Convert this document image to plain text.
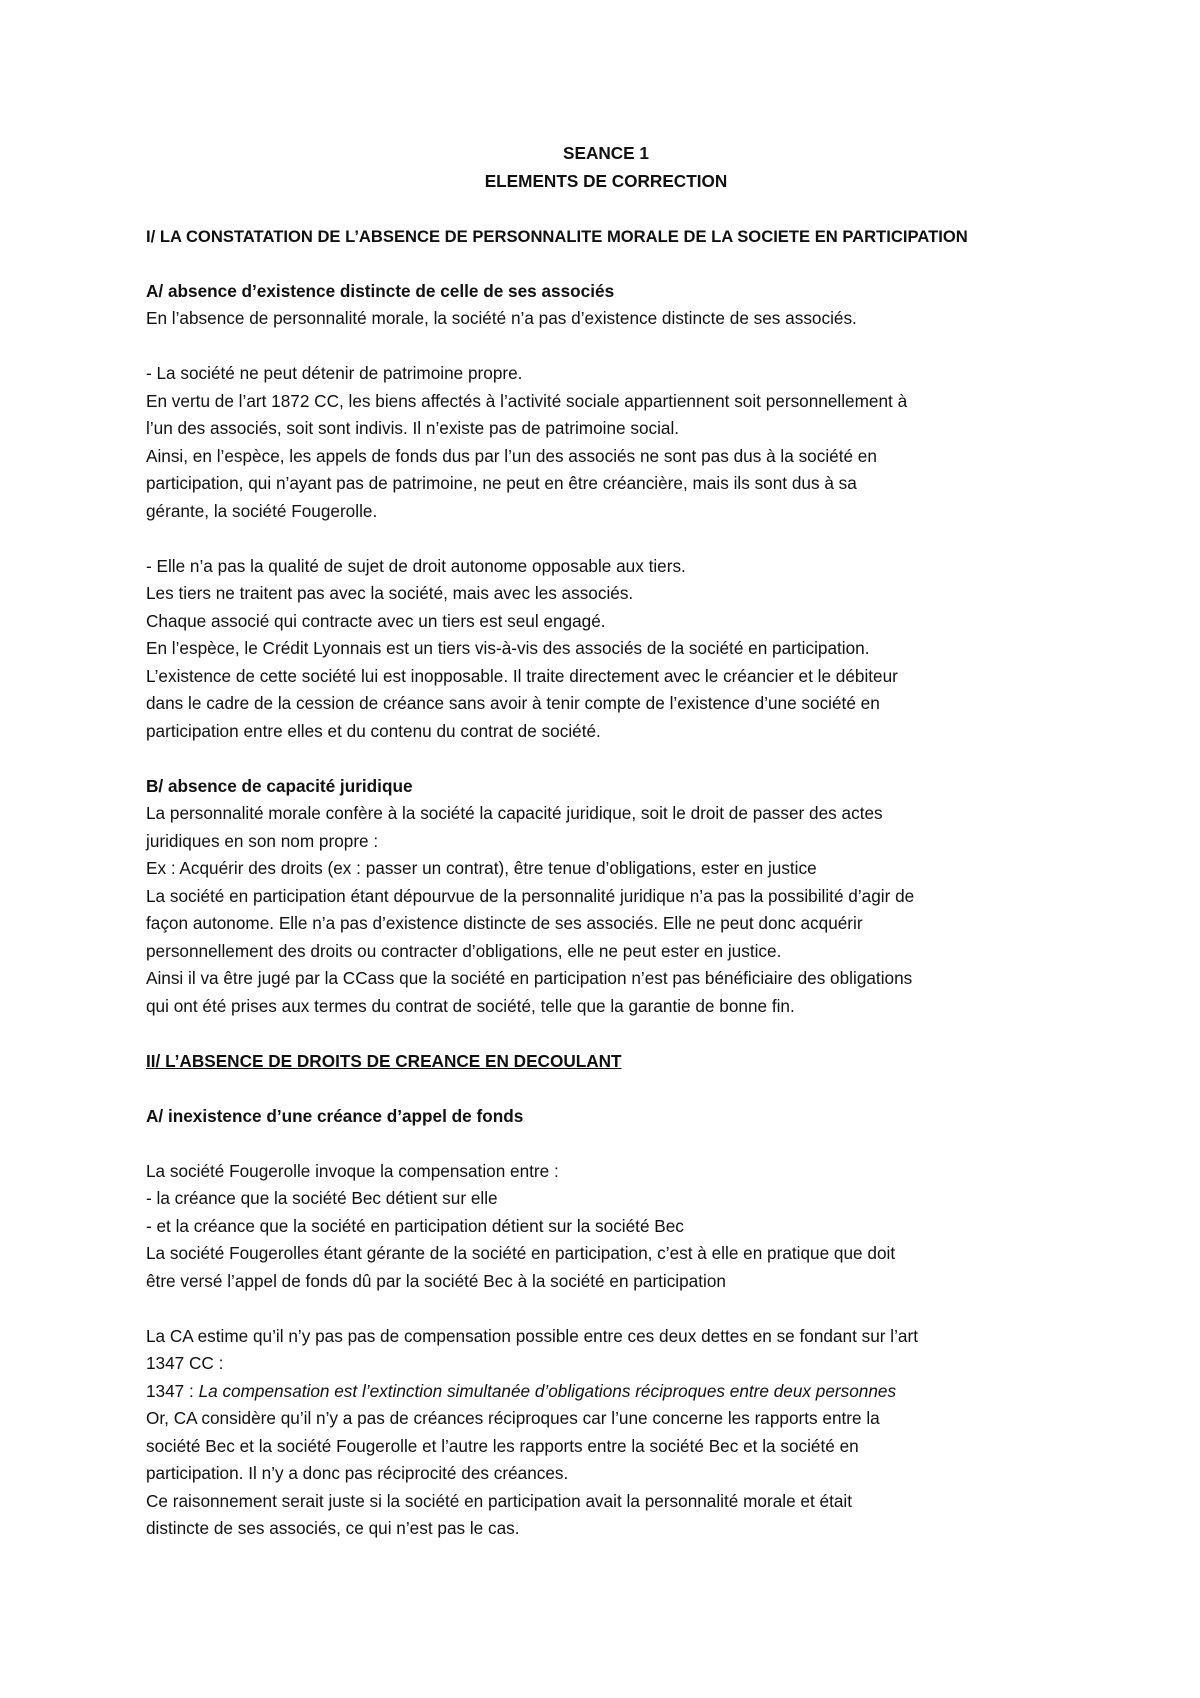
SEANCE 1
ELEMENTS DE CORRECTION
I/ LA CONSTATATION DE L’ABSENCE DE PERSONNALITE MORALE DE LA SOCIETE EN PARTICIPATION
A/ absence d’existence distincte de celle de ses associés
En l’absence de personnalité morale, la société n’a pas d’existence distincte de ses associés.
- La société ne peut détenir de patrimoine propre.
En vertu de l’art 1872 CC, les biens affectés à l’activité sociale appartiennent soit personnellement à
l’un des associés, soit sont indivis. Il n’existe pas de patrimoine social.
Ainsi, en l’espèce, les appels de fonds dus par l’un des associés ne sont pas dus à la société en
participation, qui n’ayant pas de patrimoine, ne peut en être créancière, mais ils sont dus à sa
gérante, la société Fougerolle.
- Elle n’a pas la qualité de sujet de droit autonome opposable aux tiers.
Les tiers ne traitent pas avec la société, mais avec les associés.
Chaque associé qui contracte avec un tiers est seul engagé.
En l’espèce, le Crédit Lyonnais est un tiers vis-à-vis des associés de la société en participation.
L’existence de cette société lui est inopposable. Il traite directement avec le créancier et le débiteur
dans le cadre de la cession de créance sans avoir à tenir compte de l’existence d’une société en
participation entre elles et du contenu du contrat de société.
B/ absence de capacité juridique
La personnalité morale confère à la société la capacité juridique, soit le droit de passer des actes
juridiques en son nom propre :
Ex : Acquérir des droits (ex : passer un contrat), être tenue d’obligations, ester en justice
La société en participation étant dépourvue de la personnalité juridique n’a pas la possibilité d’agir de
façon autonome. Elle n’a pas d’existence distincte de ses associés. Elle ne peut donc acquérir
personnellement des droits ou contracter d’obligations, elle ne peut ester en justice.
Ainsi il va être jugé par la CCass que la société en participation n’est pas bénéficiaire des obligations
qui ont été prises aux termes du contrat de société, telle que la garantie de bonne fin.
II/ L’ABSENCE DE DROITS DE CREANCE EN DECOULANT
A/ inexistence d’une créance d’appel de fonds
La société Fougerolle invoque la compensation entre :
- la créance que la société Bec détient sur elle
- et la créance que la société en participation détient sur la société Bec
La société Fougerolles étant gérante de la société en participation, c’est à elle en pratique que doit
être versé l’appel de fonds dû par la société Bec à la société en participation
La CA estime qu’il n’y pas pas de compensation possible entre ces deux dettes en se fondant sur l’art
1347 CC :
1347 : La compensation est l’extinction simultanée d’obligations réciproques entre deux personnes
Or, CA considère qu’il n’y a pas de créances réciproques car l’une concerne les rapports entre la
société Bec et la société Fougerolle et l’autre les rapports entre la société Bec et la société en
participation. Il n’y a donc pas réciprocité des créances.
Ce raisonnement serait juste si la société en participation avait la personnalité morale et était
distincte de ses associés, ce qui n’est pas le cas.
